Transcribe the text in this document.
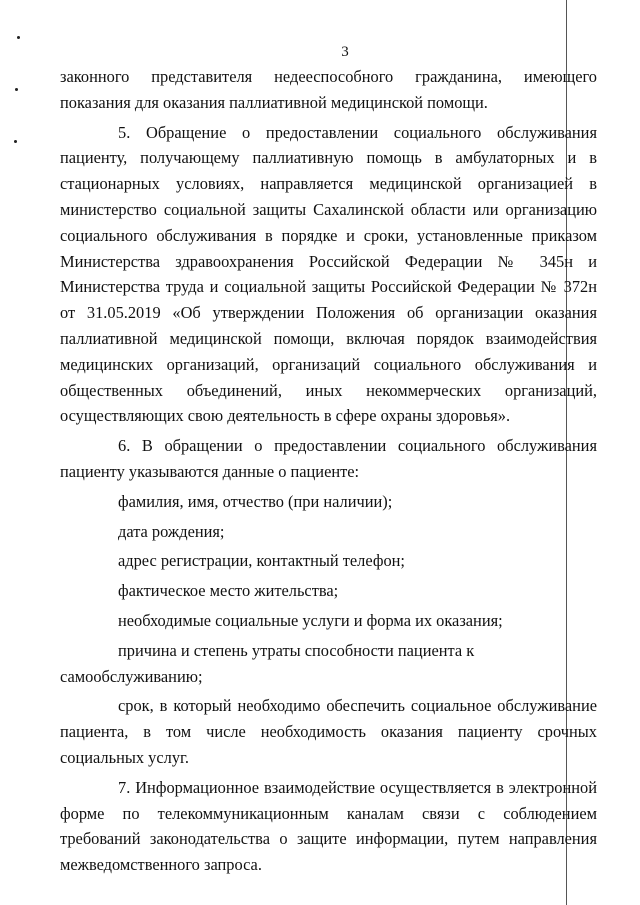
3

законного представителя недееспособного гражданина, имеющего показания для оказания паллиативной медицинской помощи.

5. Обращение о предоставлении социального обслуживания пациенту, получающему паллиативную помощь в амбулаторных и в стационарных условиях, направляется медицинской организацией в министерство социальной защиты Сахалинской области или организацию социального обслуживания в порядке и сроки, установленные приказом Министерства здравоохранения Российской Федерации № 345н и Министерства труда и социальной защиты Российской Федерации № 372н от 31.05.2019 «Об утверждении Положения об организации оказания паллиативной медицинской помощи, включая порядок взаимодействия медицинских организаций, организаций социального обслуживания и общественных объединений, иных некоммерческих организаций, осуществляющих свою деятельность в сфере охраны здоровья».

6. В обращении о предоставлении социального обслуживания пациенту указываются данные о пациенте:

фамилия, имя, отчество (при наличии);

дата рождения;

адрес регистрации, контактный телефон;

фактическое место жительства;

необходимые социальные услуги и форма их оказания;

причина и степень утраты способности пациента к самообслуживанию;

срок, в который необходимо обеспечить социальное обслуживание пациента, в том числе необходимость оказания пациенту срочных социальных услуг.

7. Информационное взаимодействие осуществляется в электронной форме по телекоммуникационным каналам связи с соблюдением требований законодательства о защите информации, путем направления межведомственного запроса.
